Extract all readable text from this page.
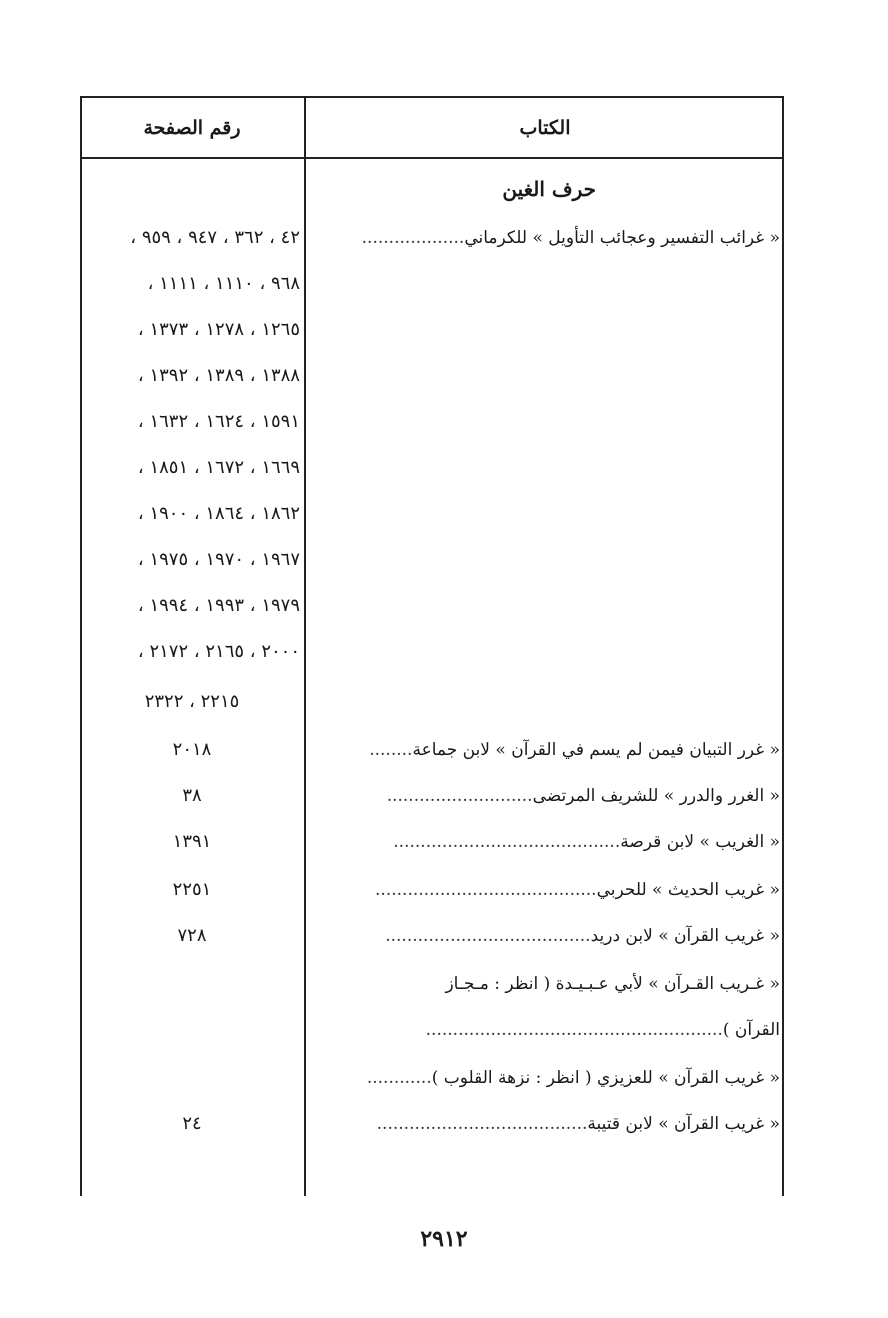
الكتاب
رقم الصفحة
حرف الغين
« غرائب التفسير وعجائب التأويل » للكرماني...................
٤٢ ، ٣٦٢ ، ٩٤٧ ، ٩٥٩ ،
٩٦٨ ، ١١١٠ ، ١١١١ ،
١٢٦٥ ، ١٢٧٨ ، ١٣٧٣ ،
١٣٨٨ ، ١٣٨٩ ، ١٣٩٢ ،
١٥٩١ ، ١٦٢٤ ، ١٦٣٢ ،
١٦٦٩ ، ١٦٧٢ ، ١٨٥١ ،
١٨٦٢ ، ١٨٦٤ ، ١٩٠٠ ،
١٩٦٧ ، ١٩٧٠ ، ١٩٧٥ ،
١٩٧٩ ، ١٩٩٣ ، ١٩٩٤ ،
٢٠٠٠ ، ٢١٦٥ ، ٢١٧٢ ،
٢٢١٥ ، ٢٣٢٢
« غرر التبيان فيمن لم يسم في القرآن » لابن جماعة........
٢٠١٨
« الغرر والدرر » للشريف المرتضى...........................
٣٨
« الغريب » لابن قرصة..........................................
١٣٩١
« غريب الحديث » للحربي.........................................
٢٢٥١
« غريب القرآن » لابن دريد......................................
٧٢٨
« غـريب القـرآن » لأبي عـبـيـدة ( انظر : مـجـاز
القرآن ).......................................................
« غريب القرآن » للعزيزي ( انظر : نزهة القلوب )............
« غريب القرآن » لابن قتيبة.......................................
٢٤
٢٩١٢
